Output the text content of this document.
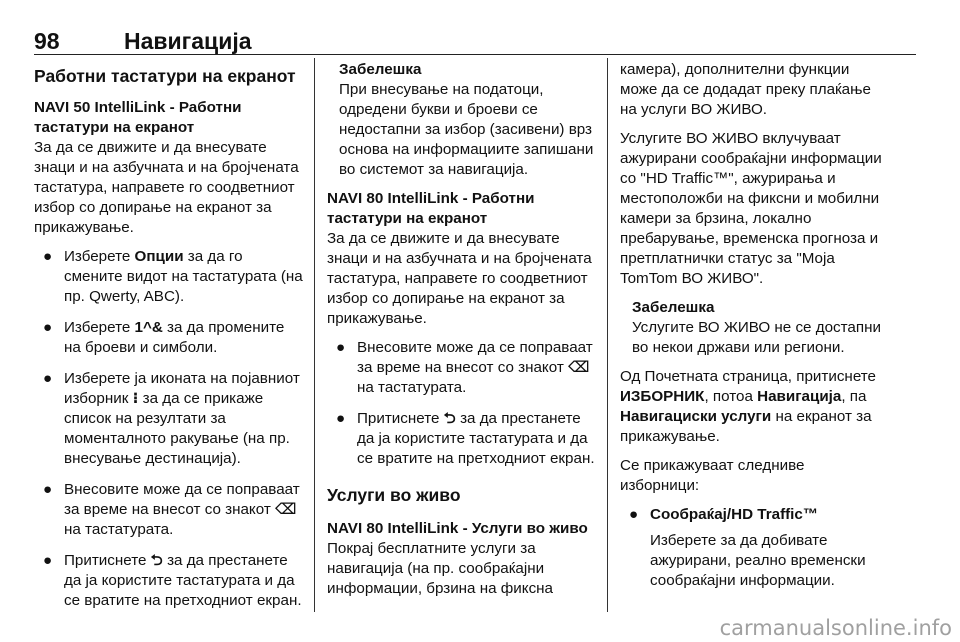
98	Навигација
Работни тастатури на екранот
NAVI 50 IntelliLink - Работни тастатури на екранот

За да се движите и да внесувате знаци и на азбучната и на бројчената тастатура, направете го соодветниот избор со допирање на екранот за прикажување.

● Изберете Опции за да го смените видот на тастатурата (на пр. Qwerty, ABC).
● Изберете 1^& за да промените на броеви и симболи.
● Изберете ја иконата на појавниот изборник ⁝ за да се прикаже список на резултати за моменталното ракување (на пр. внесување дестинација).
● Внесовите може да се поправаат за време на внесот со знакот ⌫ на тастатурата.
● Притиснете ⮌ за да престанете да ја користите тастатурата и да се вратите на претходниот екран.
Забелешка

При внесување на податоци, одредени букви и броеви се недостапни за избор (засивени) врз основа на информациите запишани во системот за навигација.

NAVI 80 IntelliLink - Работни тастатури на екранот

За да се движите и да внесувате знаци и на азбучната и на бројчената тастатура, направете го соодветниот избор со допирање на екранот за прикажување.

● Внесовите може да се поправаат за време на внесот со знакот ⌫ на тастатурата.
● Притиснете ⮌ за да престанете да ја користите тастатурата и да се вратите на претходниот екран.
Услуги во живо
NAVI 80 IntelliLink - Услуги во живо

Покрај бесплатните услуги за навигација (на пр. сообраќајни информации, брзина на фиксна

камера), дополнителни функции може да се додадат преку плаќање на услуги ВО ЖИВО.

Услугите ВО ЖИВО вклучуваат ажурирани сообраќајни информации со "HD Traffic™", ажурирања и местоположби на фиксни и мобилни камери за брзина, локално пребарување, временска прогноза и претплатнички статус за "Моја TomTom ВО ЖИВО".

Забелешка

Услугите ВО ЖИВО не се достапни во некои држави или региони.

Од Почетната страница, притиснете ИЗБОРНИК, потоа Навигација, па Навигациски услуги на екранот за прикажување.

Се прикажуваат следниве изборници:

● Сообраќај/HD Traffic™
Изберете за да добивате ажурирани, реално временски сообраќајни информации.
carmanualsonline.info
